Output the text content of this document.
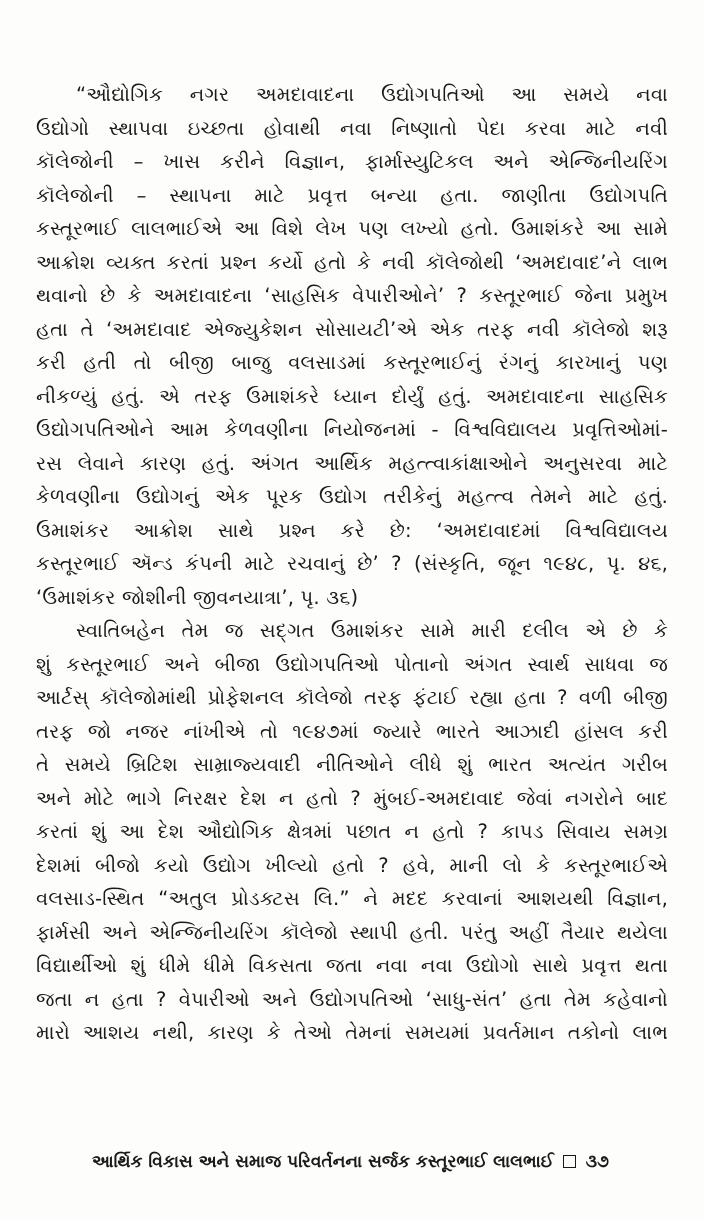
“ઔદ્યોગિક નગર અમદાવાદના ઉદ્યોગપતિઓ આ સમયે નવા
ઉદ્યોગો સ્થાપવા ઇચ્છતા હોવાથી નવા નિષ્ણાતો પેદા કરવા માટે નવી
કૉલેજોની – ખાસ કરીને વિજ્ઞાન, ફાર્માસ્યુટિકલ અને એન્જિનીયરિંગ
કૉલેજોની – સ્થાપના માટે પ્રવૃત્ત બન્યા હતા. જાણીતા ઉદ્યોગપતિ
કસ્તૂરભાઈ લાલભાઈએ આ વિશે લેખ પણ લખ્યો હતો. ઉમાશંકરે આ સામે
આક્રોશ વ્યક્ત કરતાં પ્રશ્ન કર્યો હતો કે નવી કૉલેજોથી ‘અમદાવાદ’ને લાભ
થવાનો છે કે અમદાવાદના ‘સાહસિક વેપારીઓને’ ? કસ્તૂરભાઈ જેના પ્રમુખ
હતા તે ‘અમદાવાદ એજ્યુકેશન સોસાયટી’એ એક તરફ નવી કૉલેજો શરૂ
કરી હતી તો બીજી બાજુ વલસાડમાં કસ્તૂરભાઈનું રંગનું કારખાનું પણ
નીકળ્યું હતું. એ તરફ ઉમાશંકરે ધ્યાન દોર્યું હતું. અમદાવાદના સાહસિક
ઉદ્યોગપતિઓને આમ કેળવણીના નિયોજનમાં - વિશ્વવિદ્યાલય પ્રવૃત્તિઓમાં-
રસ લેવાને કારણ હતું. અંગત આર્થિક મહત્ત્વાકાંક્ષાઓને અનુસરવા માટે
કેળવણીના ઉદ્યોગનું એક પૂરક ઉદ્યોગ તરીકેનું મહત્ત્વ તેમને માટે હતું.
ઉમાશંકર આક્રોશ સાથે પ્રશ્ન કરે છે: ‘અમદાવાદમાં વિશ્વવિદ્યાલય
કસ્તૂરભાઈ ઍન્ડ કંપની માટે રચવાનું છે’ ? (સંસ્કૃતિ, જૂન ૧૯૪૮, પૃ. ૪૬,
‘ઉમાશંકર જોશીની જીવનયાત્રા’, પૃ. ૩૬)
સ્વાતિબહેન તેમ જ સદ્ગત ઉમાશંકર સામે મારી દલીલ એ છે કે
શું કસ્તૂરભાઈ અને બીજા ઉદ્યોગપતિઓ પોતાનો અંગત સ્વાર્થ સાધવા જ
આર્ટસ્ કૉલેજોમાંથી પ્રોફેશનલ કૉલેજો તરફ ફંટાઈ રહ્યા હતા ? વળી બીજી
તરફ જો નજર નાંખીએ તો ૧૯૪૭માં જ્યારે ભારતે આઝાદી હાંસલ કરી
તે સમયે બ્રિટિશ સામ્રાજ્યવાદી નીતિઓને લીધે શું ભારત અત્યંત ગરીબ
અને મોટે ભાગે નિરક્ષર દેશ ન હતો ? મુંબઈ-અમદાવાદ જેવાં નગરોને બાદ
કરતાં શું આ દેશ ઔદ્યોગિક ક્ષેત્રમાં પછાત ન હતો ? કાપડ સિવાય સમગ્ર
દેશમાં બીજો કયો ઉદ્યોગ ખીલ્યો હતો ? હવે, માની લો કે કસ્તૂરભાઈએ
વલસાડ-સ્થિત “અતુલ પ્રોડક્ટસ લિ.” ને મદદ કરવાનાં આશયથી વિજ્ઞાન,
ફાર્મસી અને એન્જિનીયરિંગ કૉલેજો સ્થાપી હતી. પરંતુ અહીં તૈયાર થયેલા
વિદ્યાર્થીઓ શું ધીમે ધીમે વિકસતા જતા નવા નવા ઉદ્યોગો સાથે પ્રવૃત્ત થતા
જતા ન હતા ? વેપારીઓ અને ઉદ્યોગપતિઓ ‘સાધુ-સંત’ હતા તેમ કહેવાનો
મારો આશય નથી, કારણ કે તેઓ તેમનાં સમયમાં પ્રવર્તમાન તકોનો લાભ
આર્થિક વિકાસ અને સમાજ પરિવર્તનના સર્જક કસ્તૂરભાઈ લાલભાઈ ૩૭
